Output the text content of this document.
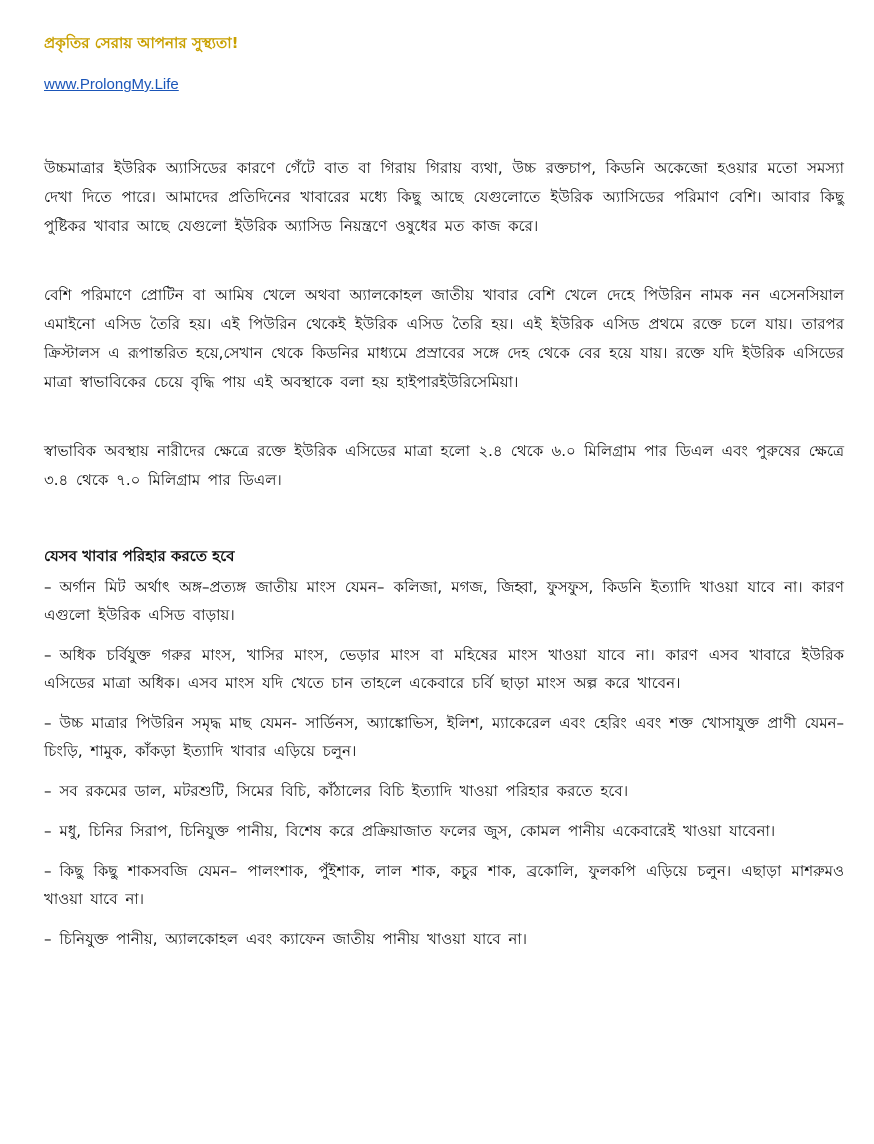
প্রকৃতির সেরায় আপনার সুস্থ্যতা!

www.ProlongMy.Life

উচ্চমাত্রার ইউরিক অ্যাসিডের কারণে গেঁটে বাত বা গিরায় গিরায় ব্যথা, উচ্চ রক্তচাপ, কিডনি অকেজো হওয়ার মতো সমস্যা দেখা দিতে পারে। আমাদের প্রতিদিনের খাবারের মধ্যে কিছু আছে যেগুলোতে ইউরিক অ্যাসিডের পরিমাণ বেশি। আবার কিছু পুষ্টিকর খাবার আছে যেগুলো ইউরিক অ্যাসিড নিয়ন্ত্রণে ওষুধের মত কাজ করে।

বেশি পরিমাণে প্রোটিন বা আমিষ খেলে অথবা অ্যালকোহল জাতীয় খাবার বেশি খেলে দেহে পিউরিন নামক নন এসেনসিয়াল এমাইনো এসিড তৈরি হয়। এই পিউরিন থেকেই ইউরিক এসিড তৈরি হয়। এই ইউরিক এসিড প্রথমে রক্তে চলে যায়। তারপর ক্রিস্টালস এ রূপান্তরিত হয়ে,সেখান থেকে কিডনির মাধ্যমে প্রস্রাবের সঙ্গে দেহ থেকে বের হয়ে যায়। রক্তে যদি ইউরিক এসিডের মাত্রা স্বাভাবিকের চেয়ে বৃদ্ধি পায় এই অবস্থাকে বলা হয় হাইপারইউরিসেমিয়া।

স্বাভাবিক অবস্থায় নারীদের ক্ষেত্রে রক্তে ইউরিক এসিডের মাত্রা হলো ২.৪ থেকে ৬.০ মিলিগ্রাম পার ডিএল এবং পুরুষের ক্ষেত্রে ৩.৪ থেকে ৭.০ মিলিগ্রাম পার ডিএল।

যেসব খাবার পরিহার করতে হবে

– অর্গান মিট অর্থাৎ অঙ্গ–প্রত্যঙ্গ জাতীয় মাংস যেমন– কলিজা, মগজ, জিহ্বা, ফুসফুস, কিডনি ইত্যাদি খাওয়া যাবে না। কারণ এগুলো ইউরিক এসিড বাড়ায়।

– অধিক চর্বিযুক্ত গরুর মাংস, খাসির মাংস, ভেড়ার মাংস বা মহিষের মাংস খাওয়া যাবে না। কারণ এসব খাবারে ইউরিক এসিডের মাত্রা অধিক। এসব মাংস যদি খেতে চান তাহলে একেবারে চর্বি ছাড়া মাংস অল্প করে খাবেন।

– উচ্চ মাত্রার পিউরিন সমৃদ্ধ মাছ যেমন- সার্ডিনস, অ্যাঙ্কোভিস, ইলিশ, ম্যাকেরেল এবং হেরিং এবং শক্ত খোসাযুক্ত প্রাণী যেমন– চিংড়ি, শামুক, কাঁকড়া ইত্যাদি খাবার এড়িয়ে চলুন।

– সব রকমের ডাল, মটরশুটি, সিমের বিচি, কাঁঠালের বিচি ইত্যাদি খাওয়া পরিহার করতে হবে।

– মধু, চিনির সিরাপ, চিনিযুক্ত পানীয়, বিশেষ করে প্রক্রিয়াজাত ফলের জুস, কোমল পানীয় একেবারেই খাওয়া যাবেনা।

– কিছু কিছু শাকসবজি যেমন– পালংশাক, পুঁইশাক, লাল শাক, কচুর শাক, ব্রকোলি, ফুলকপি এড়িয়ে চলুন। এছাড়া মাশরুমও খাওয়া যাবে না।

– চিনিযুক্ত পানীয়, অ্যালকোহল এবং ক্যাফেন জাতীয় পানীয় খাওয়া যাবে না।
